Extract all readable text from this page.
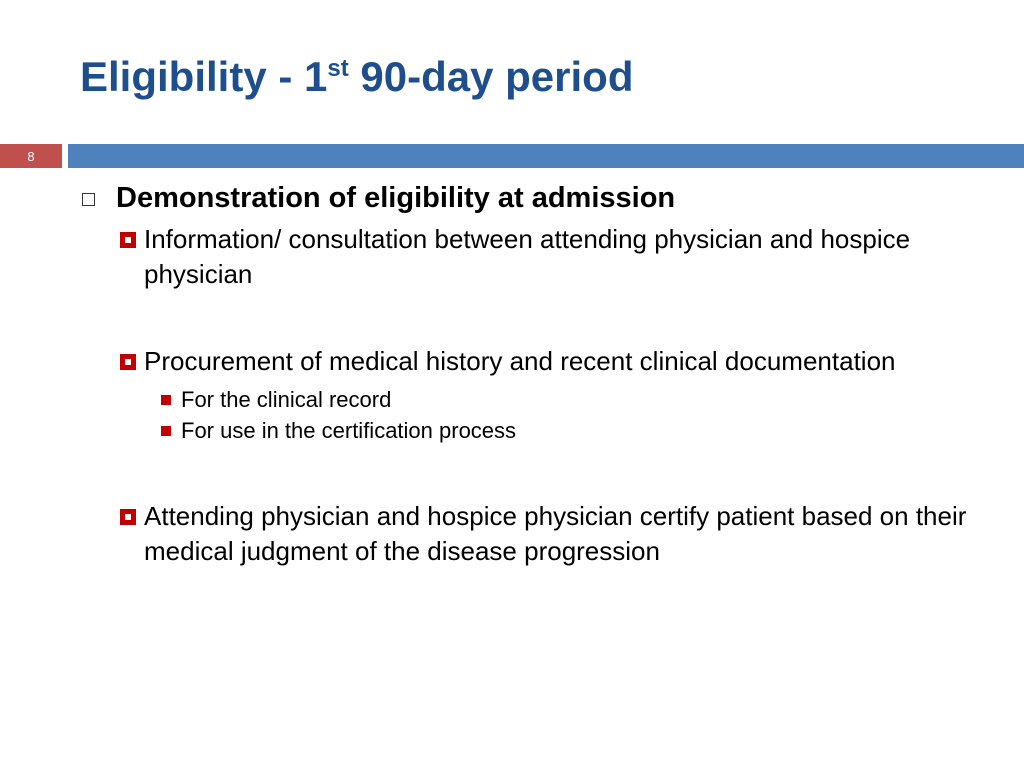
Eligibility - 1st 90-day period
8
Demonstration of eligibility at admission
Information/ consultation between attending physician and hospice physician
Procurement of medical history and recent clinical documentation
For the clinical record
For use in the certification process
Attending physician and hospice physician certify patient based on their medical judgment of the disease progression
